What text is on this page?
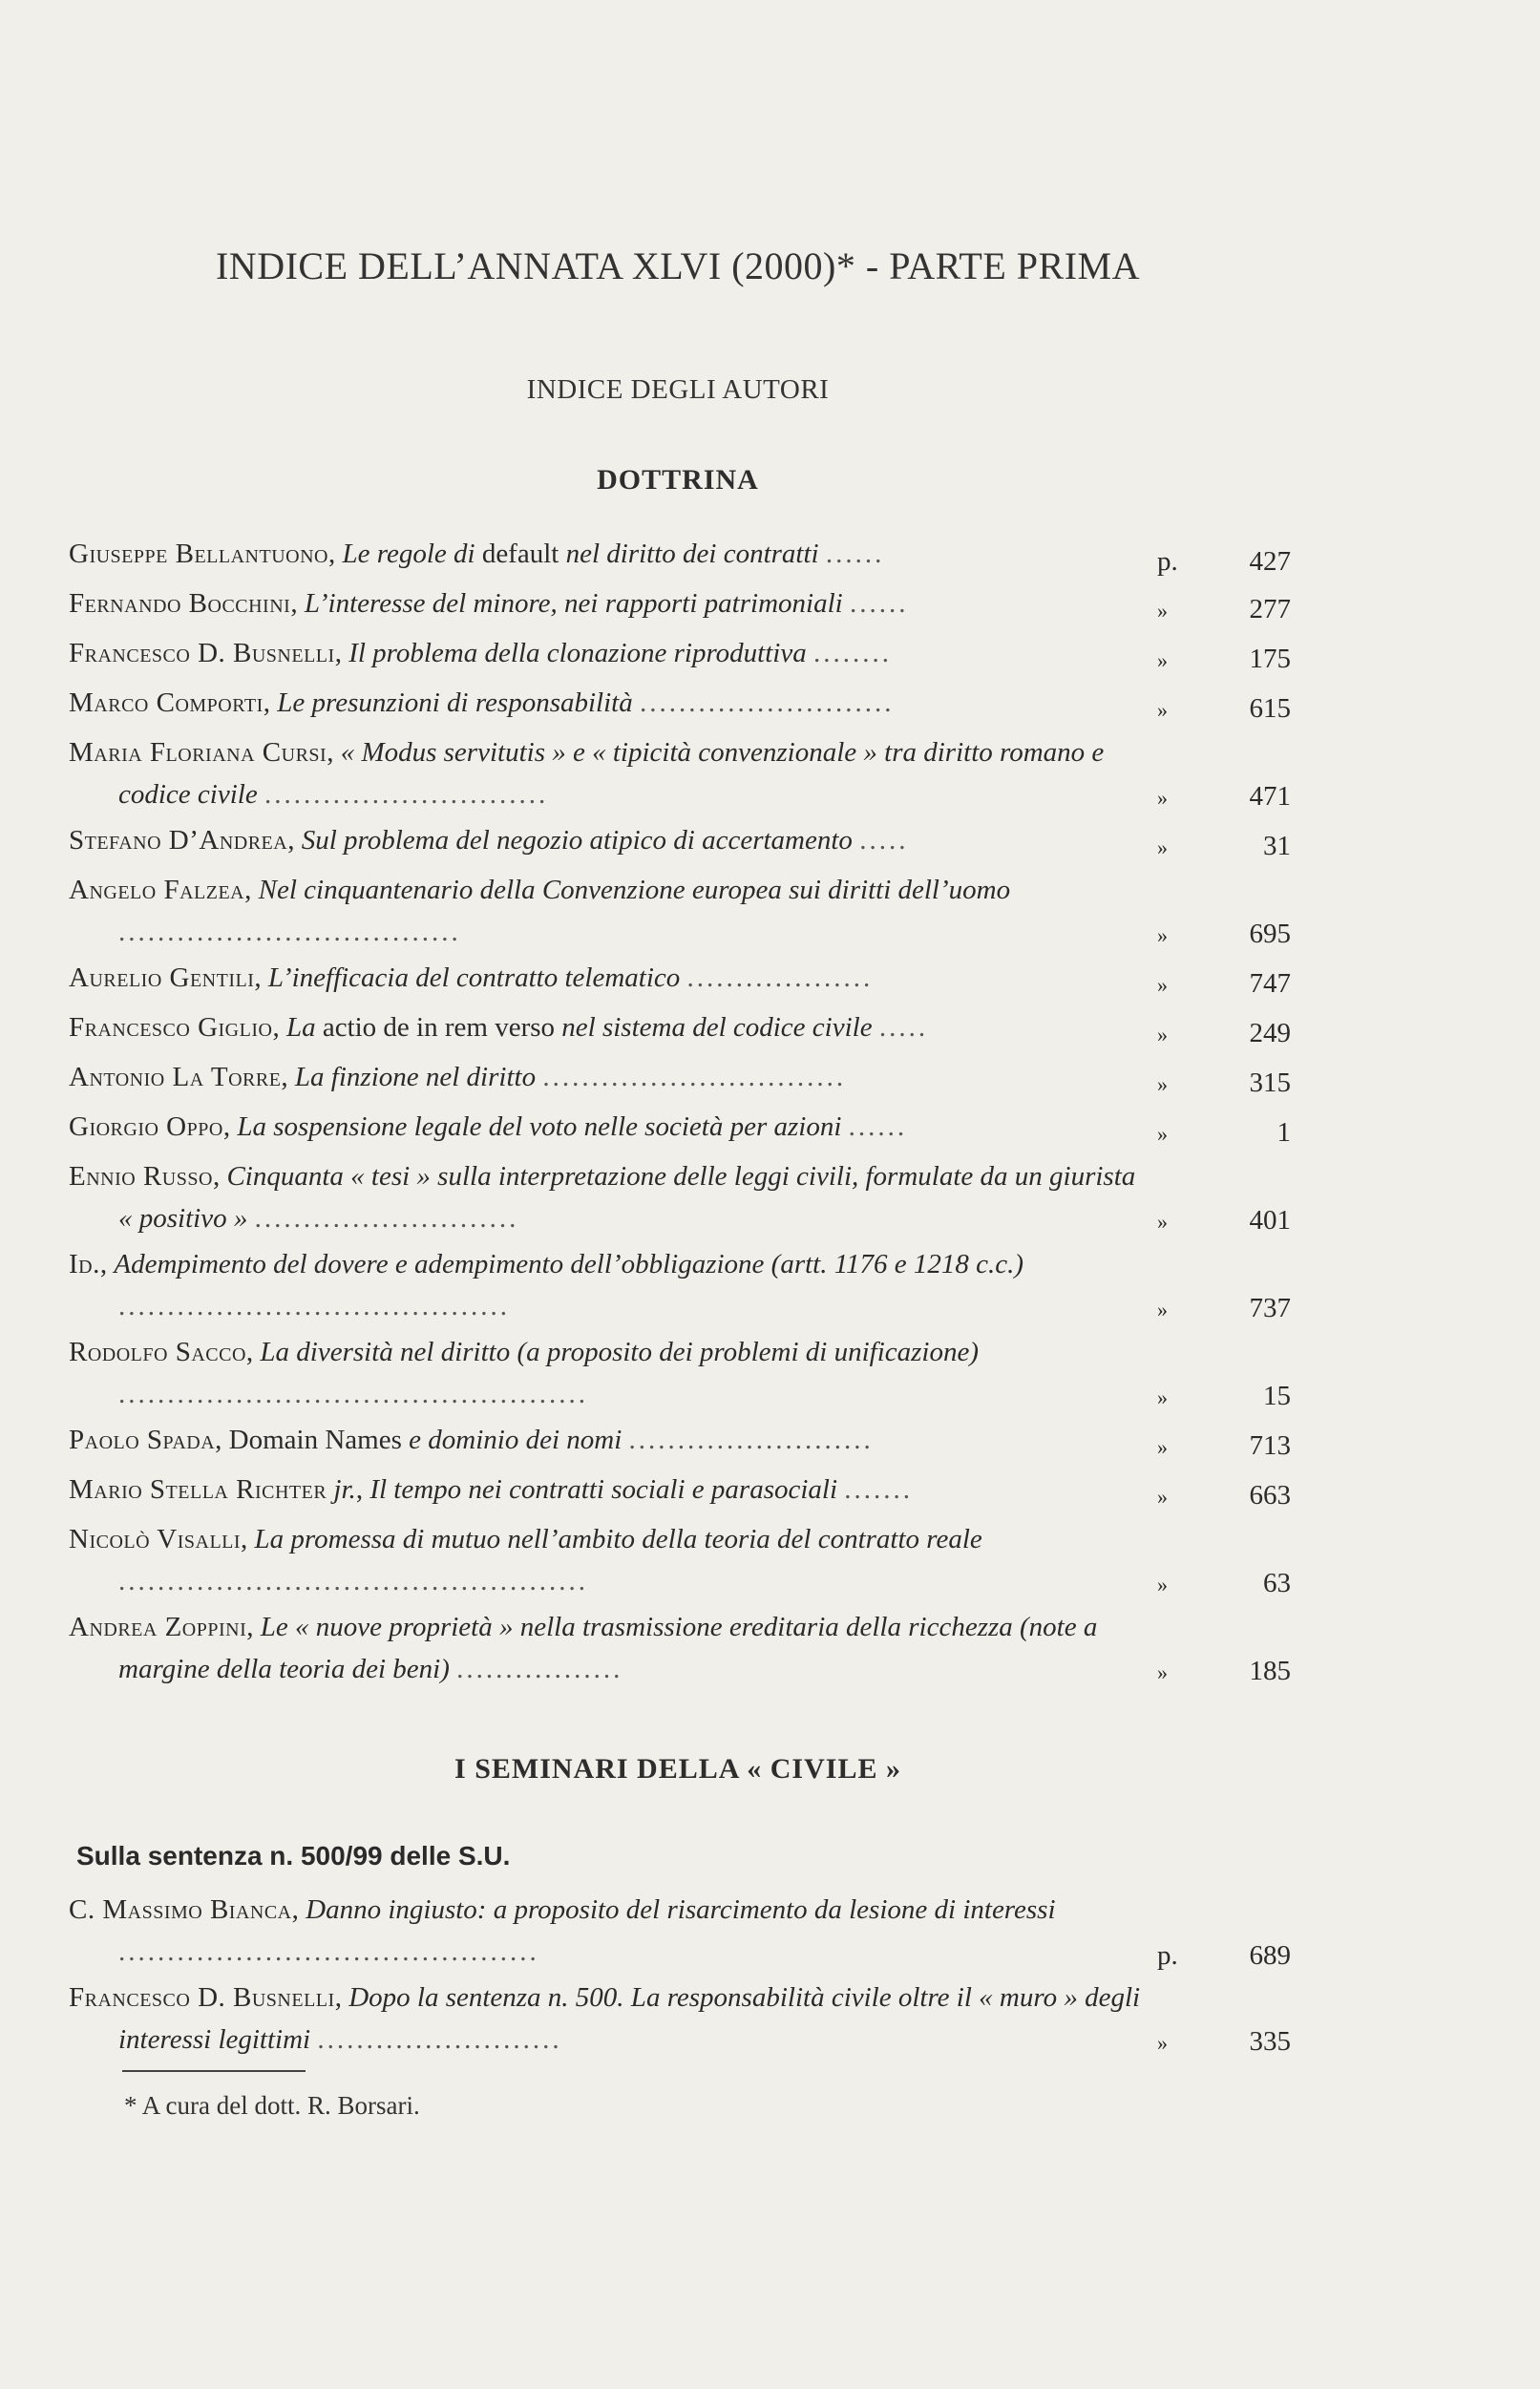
INDICE DELL’ANNATA XLVI (2000)* - PARTE PRIMA
INDICE DEGLI AUTORI
DOTTRINA
Giuseppe Bellantuono, Le regole di default nel diritto dei contratti ......	p.	427
Fernando Bocchini, L’interesse del minore, nei rapporti patrimoniali ......	»	277
Francesco D. Busnelli, Il problema della clonazione riproduttiva ........	»	175
Marco Comporti, Le presunzioni di responsabilità ..........................	»	615
Maria Floriana Cursi, « Modus servitutis » e « tipicità convenzionale » tra diritto romano e codice civile .............................	»	471
Stefano D’Andrea, Sul problema del negozio atipico di accertamento .....	»	31
Angelo Falzea, Nel cinquantenario della Convenzione europea sui diritti dell’uomo ...................................	»	695
Aurelio Gentili, L’inefficacia del contratto telematico ...................	»	747
Francesco Giglio, La actio de in rem verso nel sistema del codice civile .....	»	249
Antonio La Torre, La finzione nel diritto ...............................	»	315
Giorgio Oppo, La sospensione legale del voto nelle società per azioni ......	»	1
Ennio Russo, Cinquanta « tesi » sulla interpretazione delle leggi civili, formulate da un giurista « positivo » ...........................	»	401
Id., Adempimento del dovere e adempimento dell’obbligazione (artt. 1176 e 1218 c.c.) ........................................	»	737
Rodolfo Sacco, La diversità nel diritto (a proposito dei problemi di unificazione) ................................................	»	15
Paolo Spada, Domain Names e dominio dei nomi .........................	»	713
Mario Stella Richter jr., Il tempo nei contratti sociali e parasociali .......	»	663
Nicolò Visalli, La promessa di mutuo nell’ambito della teoria del contratto reale ................................................	»	63
Andrea Zoppini, Le « nuove proprietà » nella trasmissione ereditaria della ricchezza (note a margine della teoria dei beni) .................	»	185
I SEMINARI DELLA « CIVILE »
Sulla sentenza n. 500/99 delle S.U.
C. Massimo Bianca, Danno ingiusto: a proposito del risarcimento da lesione di interessi ...........................................	p.	689
Francesco D. Busnelli, Dopo la sentenza n. 500. La responsabilità civile oltre il « muro » degli interessi legittimi .........................	»	335
* A cura del dott. R. Borsari.
